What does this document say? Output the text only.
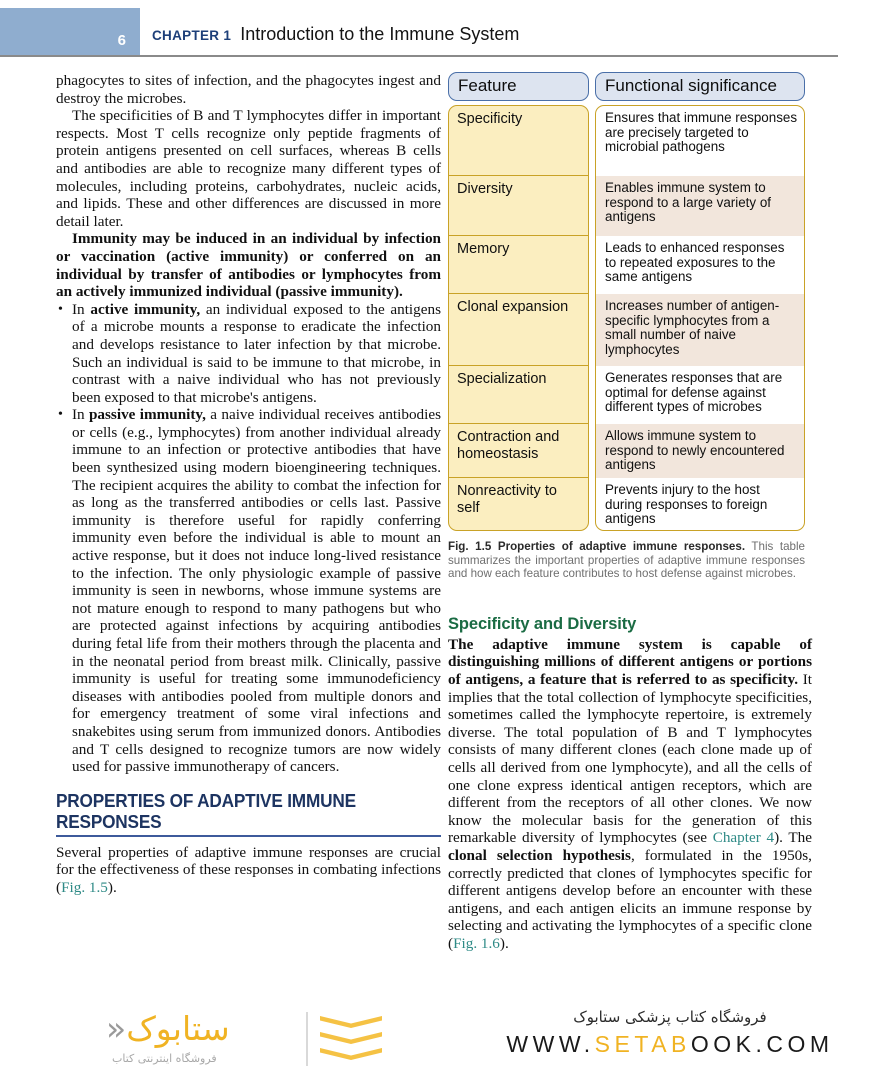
6 CHAPTER 1 Introduction to the Immune System

phagocytes to sites of infection, and the phagocytes ingest and destroy the microbes.

The specificities of B and T lymphocytes differ in important respects. Most T cells recognize only peptide fragments of protein antigens presented on cell surfaces, whereas B cells and antibodies are able to recognize many different types of molecules, including proteins, carbohydrates, nucleic acids, and lipids. These and other differences are discussed in more detail later.

Immunity may be induced in an individual by infection or vaccination (active immunity) or conferred on an individual by transfer of antibodies or lymphocytes from an actively immunized individual (passive immunity).

• In active immunity, an individual exposed to the antigens of a microbe mounts a response to eradicate the infection and develops resistance to later infection by that microbe. Such an individual is said to be immune to that microbe, in contrast with a naive individual who has not previously been exposed to that microbe's antigens.
• In passive immunity, a naive individual receives antibodies or cells (e.g., lymphocytes) from another individual already immune to an infection or protective antibodies that have been synthesized using modern bioengineering techniques. The recipient acquires the ability to combat the infection for as long as the transferred antibodies or cells last. Passive immunity is therefore useful for rapidly conferring immunity even before the individual is able to mount an active response, but it does not induce long-lived resistance to the infection. The only physiologic example of passive immunity is seen in newborns, whose immune systems are not mature enough to respond to many pathogens but who are protected against infections by acquiring antibodies during fetal life from their mothers through the placenta and in the neonatal period from breast milk. Clinically, passive immunity is useful for treating some immunodeficiency diseases with antibodies pooled from multiple donors and for emergency treatment of some viral infections and snakebites using serum from immunized donors. Antibodies and T cells designed to recognize tumors are now widely used for passive immunotherapy of cancers.
PROPERTIES OF ADAPTIVE IMMUNE RESPONSES

Several properties of adaptive immune responses are crucial for the effectiveness of these responses in combating infections (Fig. 1.5).

Feature	Functional significance
Specificity
Diversity
Memory
Clonal expansion
Specialization
Contraction and homeostasis
Nonreactivity to self
Ensures that immune responses are precisely targeted to microbial pathogens
Enables immune system to respond to a large variety of antigens
Leads to enhanced responses to repeated exposures to the same antigens
Increases number of antigen-specific lymphocytes from a small number of naive lymphocytes
Generates responses that are optimal for defense against different types of microbes
Allows immune system to respond to newly encountered antigens
Prevents injury to the host during responses to foreign antigens
Fig. 1.5 Properties of adaptive immune responses. This table summarizes the important properties of adaptive immune responses and how each feature contributes to host defense against microbes.
Specificity and Diversity

The adaptive immune system is capable of distinguishing millions of different antigens or portions of antigens, a feature that is referred to as specificity. It implies that the total collection of lymphocyte specificities, sometimes called the lymphocyte repertoire, is extremely diverse. The total population of B and T lymphocytes consists of many different clones (each clone made up of cells all derived from one lymphocyte), and all the cells of one clone express identical antigen receptors, which are different from the receptors of all other clones. We now know the molecular basis for the generation of this remarkable diversity of lymphocytes (see Chapter 4). The clonal selection hypothesis, formulated in the 1950s, correctly predicted that clones of lymphocytes specific for different antigens develop before an encounter with these antigens, and each antigen elicits an immune response by selecting and activating the lymphocytes of a specific clone (Fig. 1.6).

ستابوک«
فروشگاه اینترنتی کتاب
فروشگاه کتاب پزشکی ستابوک
WWW.SETABOOK.COM
